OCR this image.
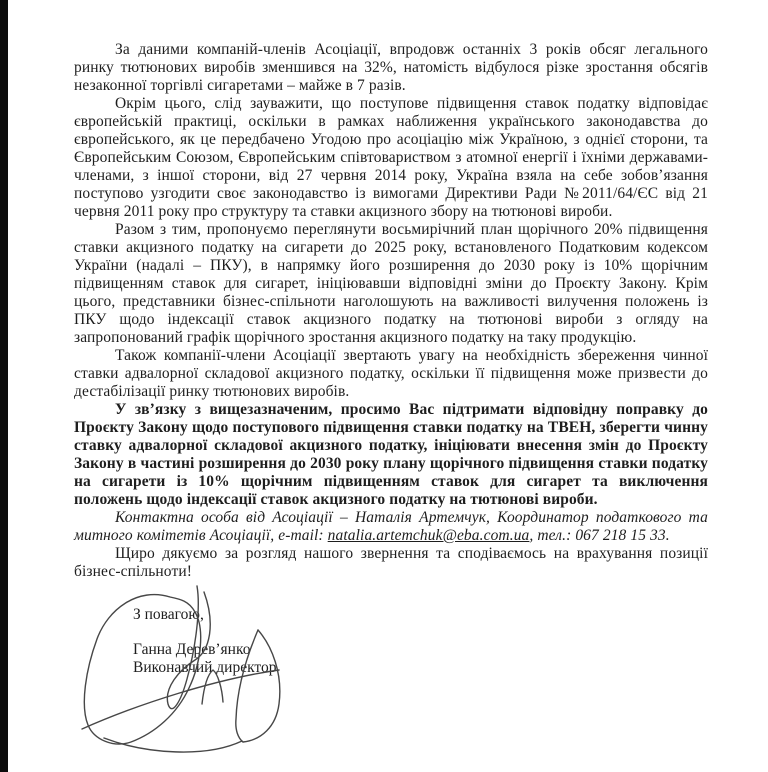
За даними компаній-членів Асоціації, впродовж останніх 3 років обсяг легального ринку тютюнових виробів зменшився на 32%, натомість відбулося різке зростання обсягів незаконної торгівлі сигаретами – майже в 7 разів.

Окрім цього, слід зауважити, що поступове підвищення ставок податку відповідає європейській практиці, оскільки в рамках наближення українського законодавства до європейського, як це передбачено Угодою про асоціацію між Україною, з однієї сторони, та Європейським Союзом, Європейським співтовариством з атомної енергії і їхніми державами-членами, з іншої сторони, від 27 червня 2014 року, Україна взяла на себе зобов’язання поступово узгодити своє законодавство із вимогами Директиви Ради №2011/64/ЄС від 21 червня 2011 року про структуру та ставки акцизного збору на тютюнові вироби.

Разом з тим, пропонуємо переглянути восьмирічний план щорічного 20% підвищення ставки акцизного податку на сигарети до 2025 року, встановленого Податковим кодексом України (надалі – ПКУ), в напрямку його розширення до 2030 року із 10% щорічним підвищенням ставок для сигарет, ініціювавши відповідні зміни до Проєкту Закону. Крім цього, представники бізнес-спільноти наголошують на важливості вилучення положень із ПКУ щодо індексації ставок акцизного податку на тютюнові вироби з огляду на запропонований графік щорічного зростання акцизного податку на таку продукцію.

Також компанії-члени Асоціації звертають увагу на необхідність збереження чинної ставки адвалорної складової акцизного податку, оскільки її підвищення може призвести до дестабілізації ринку тютюнових виробів.

У зв’язку з вищезазначеним, просимо Вас підтримати відповідну поправку до Проєкту Закону щодо поступового підвищення ставки податку на ТВЕН, зберегти чинну ставку адвалорної складової акцизного податку, ініціювати внесення змін до Проєкту Закону в частині розширення до 2030 року плану щорічного підвищення ставки податку на сигарети із 10% щорічним підвищенням ставок для сигарет та виключення положень щодо індексації ставок акцизного податку на тютюнові вироби.

Контактна особа від Асоціації – Наталія Артемчук, Координатор податкового та митного комітетів Асоціації, e-mail: natalia.artemchuk@eba.com.ua, тел.: 067 218 15 33.

Щиро дякуємо за розгляд нашого звернення та сподіваємось на врахування позиції бізнес-спільноти!

З повагою,
Ганна Дерев’янко
Виконавчий директор
